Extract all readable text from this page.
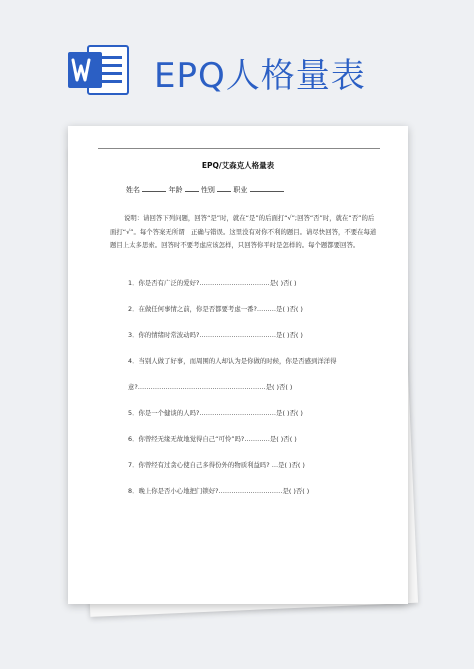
EPQ人格量表
EPQ/艾森克人格量表
姓名	年龄	性别	职业
说明：请回答下列问题，回答“是”时，就在“是”的后面打“√”;回答“否”时，就在“否”的后面打“√”。每个答案无所谓　正确与错误。这里没有对你不利的题目。请尽快回答，不要在每道题目上太多思索。回答时不要考虑应该怎样，只回答你平时是怎样的。每个题都要回答。
1．你是否有广泛的爱好?……………………………是( )否( )
2．在做任何事情之前，你是否都要考虑一番?………是( )否( )
3．你的情绪时常波动吗?………………………………是( )否( )
4．当别人做了好事，而周围的人却认为是你做的时候，你是否感到洋洋得
意?……………………………………………………是( )否( )
5．你是一个健谈的人吗?………………………………是( )否( )
6．你曾经无缘无故地觉得自己“可怜”吗?…………是( )否( )
7．你曾经有过贪心使自己多得份外的物质利益吗? …是( )否( )
8．晚上你是否小心地把门锁好?…………………………是( )否( )
